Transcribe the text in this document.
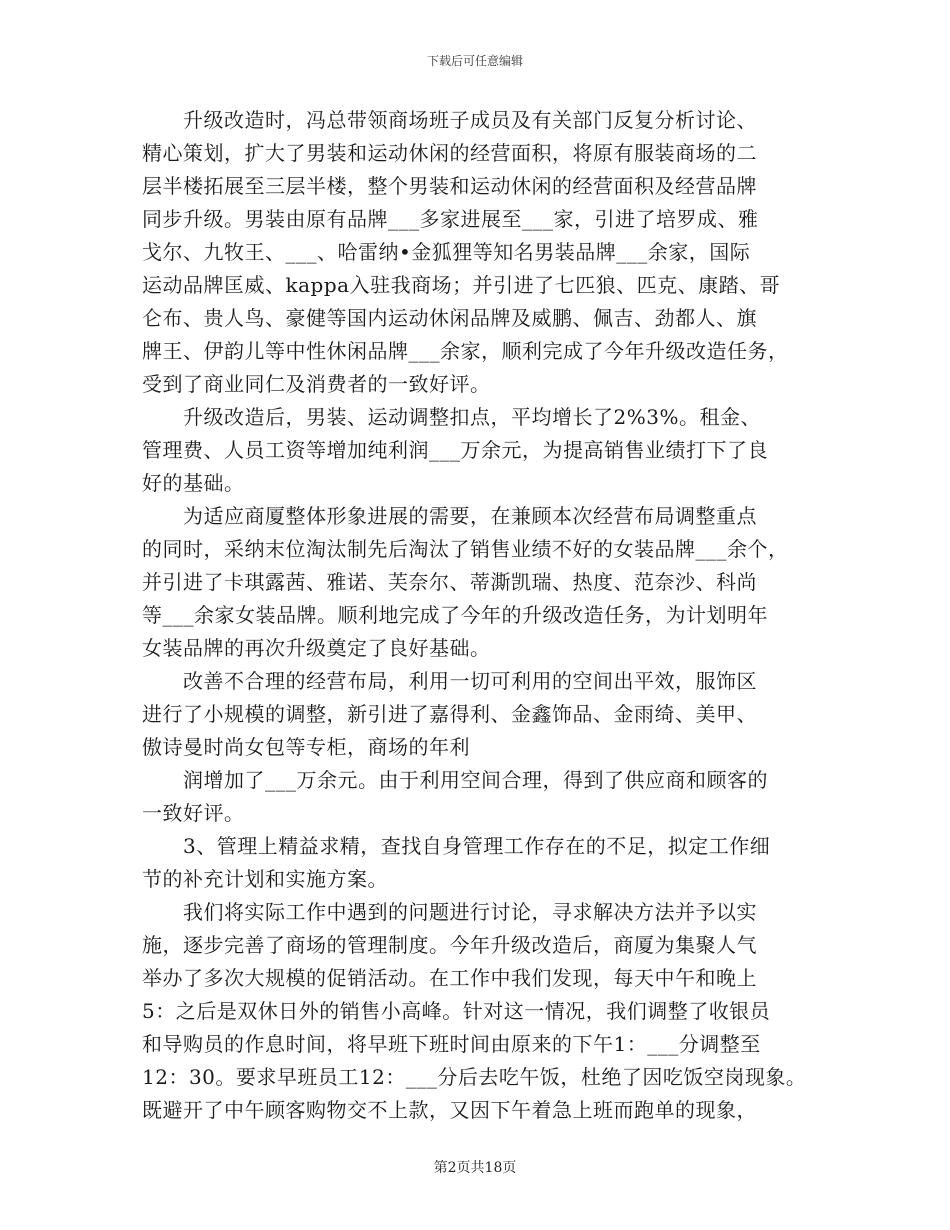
下载后可任意编辑
　　升级改造时，冯总带领商场班子成员及有关部门反复分析讨论、
精心策划，扩大了男装和运动休闲的经营面积，将原有服装商场的二
层半楼拓展至三层半楼，整个男装和运动休闲的经营面积及经营品牌
同步升级。男装由原有品牌___多家进展至___家，引进了培罗成、雅
戈尔、九牧王、___、哈雷纳•金狐狸等知名男装品牌___余家，国际
运动品牌匡威、kappa入驻我商场；并引进了七匹狼、匹克、康踏、哥
仑布、贵人鸟、豪健等国内运动休闲品牌及威鹏、佩吉、劲都人、旗
牌王、伊韵儿等中性休闲品牌___余家，顺利完成了今年升级改造任务，
受到了商业同仁及消费者的一致好评。
　　升级改造后，男装、运动调整扣点，平均增长了2%3%。租金、
管理费、人员工资等增加纯利润___万余元，为提高销售业绩打下了良
好的基础。
　　为适应商厦整体形象进展的需要，在兼顾本次经营布局调整重点
的同时，采纳末位淘汰制先后淘汰了销售业绩不好的女装品牌___余个，
并引进了卡琪露茜、雅诺、芙奈尔、蒂澌凯瑞、热度、范奈沙、科尚
等___余家女装品牌。顺利地完成了今年的升级改造任务，为计划明年
女装品牌的再次升级奠定了良好基础。
　　改善不合理的经营布局，利用一切可利用的空间出平效，服饰区
进行了小规模的调整，新引进了嘉得利、金鑫饰品、金雨绮、美甲、
傲诗曼时尚女包等专柜，商场的年利
　　润增加了___万余元。由于利用空间合理，得到了供应商和顾客的
一致好评。
　　3、管理上精益求精，查找自身管理工作存在的不足，拟定工作细
节的补充计划和实施方案。
　　我们将实际工作中遇到的问题进行讨论，寻求解决方法并予以实
施，逐步完善了商场的管理制度。今年升级改造后，商厦为集聚人气
举办了多次大规模的促销活动。在工作中我们发现，每天中午和晚上
5：之后是双休日外的销售小高峰。针对这一情况，我们调整了收银员
和导购员的作息时间，将早班下班时间由原来的下午1：___分调整至
12：30。要求早班员工12：___分后去吃午饭，杜绝了因吃饭空岗现象。
既避开了中午顾客购物交不上款，又因下午着急上班而跑单的现象，
第2页共18页
